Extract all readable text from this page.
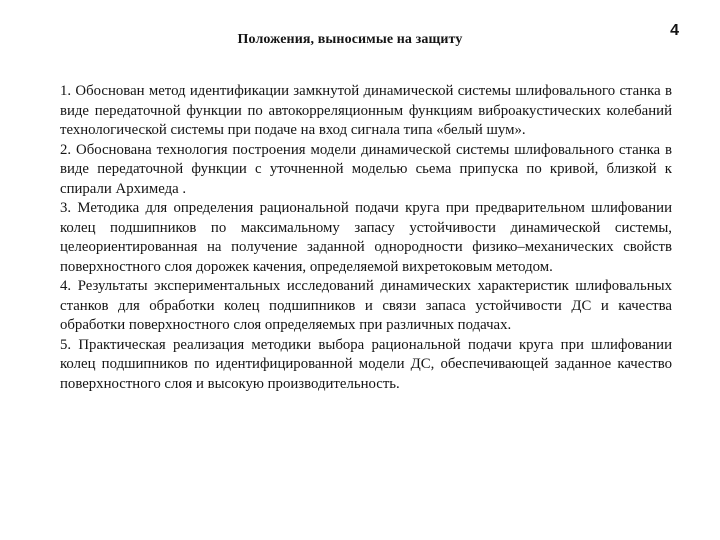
Положения, выносимые на защиту
4

1. Обоснован метод идентификации замкнутой динамической системы шлифовального станка в виде передаточной функции по автокорреляционным функциям виброакустических колебаний технологической системы при подаче на вход сигнала типа «белый шум».

2. Обоснована технология построения модели динамической системы шлифовального станка в виде передаточной функции с уточненной моделью сьема припуска по кривой, близкой к спирали Архимеда .

3. Методика для определения рациональной подачи круга при предварительном шлифовании колец подшипников по максимальному запасу устойчивости динамической системы, целеориентированная на получение заданной однородности физико–механических свойств поверхностного слоя дорожек качения, определяемой вихретоковым методом.

4. Результаты экспериментальных исследований динамических характеристик шлифовальных станков для обработки колец подшипников и связи запаса устойчивости ДС и качества обработки поверхностного слоя определяемых при различных подачах.

5. Практическая реализация методики выбора рациональной подачи круга при шлифовании колец подшипников по идентифицированной модели ДС, обеспечивающей заданное качество поверхностного слоя и высокую производительность.
